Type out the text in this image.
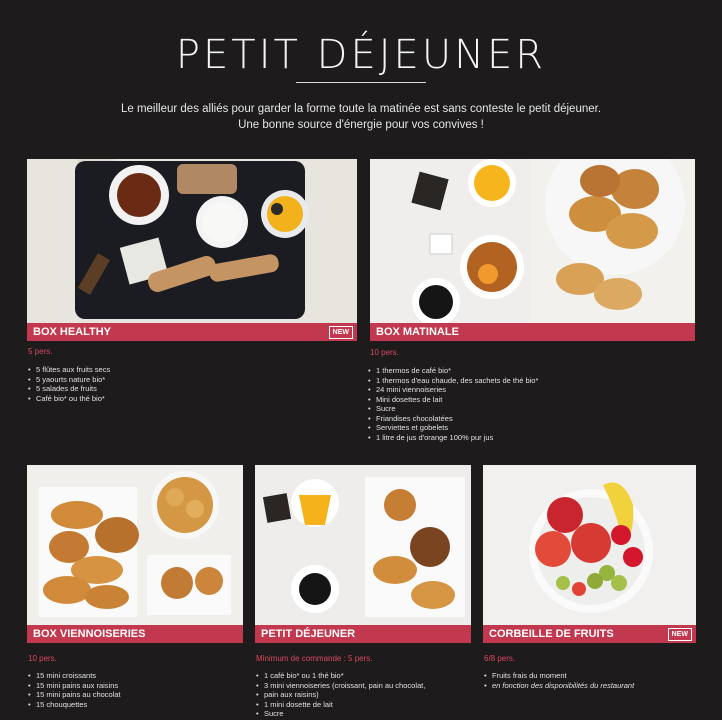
PETIT DÉJEUNER
Le meilleur des alliés pour garder la forme toute la matinée est sans conteste le petit déjeuner.
Une bonne source d'énergie pour vos convives !
BOX HEALTHY	NEW
5 pers.
• 5 flûtes aux fruits secs
• 5 yaourts nature bio*
• 5 salades de fruits
• Café bio* ou thé bio*
BOX MATINALE
10 pers.
• 1 thermos de café bio*
• 1 thermos d'eau chaude, des sachets de thé bio*
• 24 mini viennoiseries
• Mini dosettes de lait
• Sucre
• Friandises chocolatées
• Serviettes et gobelets
• 1 litre de jus d'orange 100% pur jus
BOX VIENNOISERIES
10 pers.
• 15 mini croissants
• 15 mini pains aux raisins
• 15 mini pains au chocolat
• 15 chouquettes
PETIT DÉJEUNER
Minimum de commande : 5 pers.
• 1 café bio* ou 1 thé bio*
• 3 mini viennoiseries (croissant, pain au chocolat,
• pain aux raisins)
• 1 mini dosette de lait
• Sucre
CORBEILLE DE FRUITS	NEW
6/8 pers.
• Fruits frais du moment
• en fonction des disponibilités du restaurant
